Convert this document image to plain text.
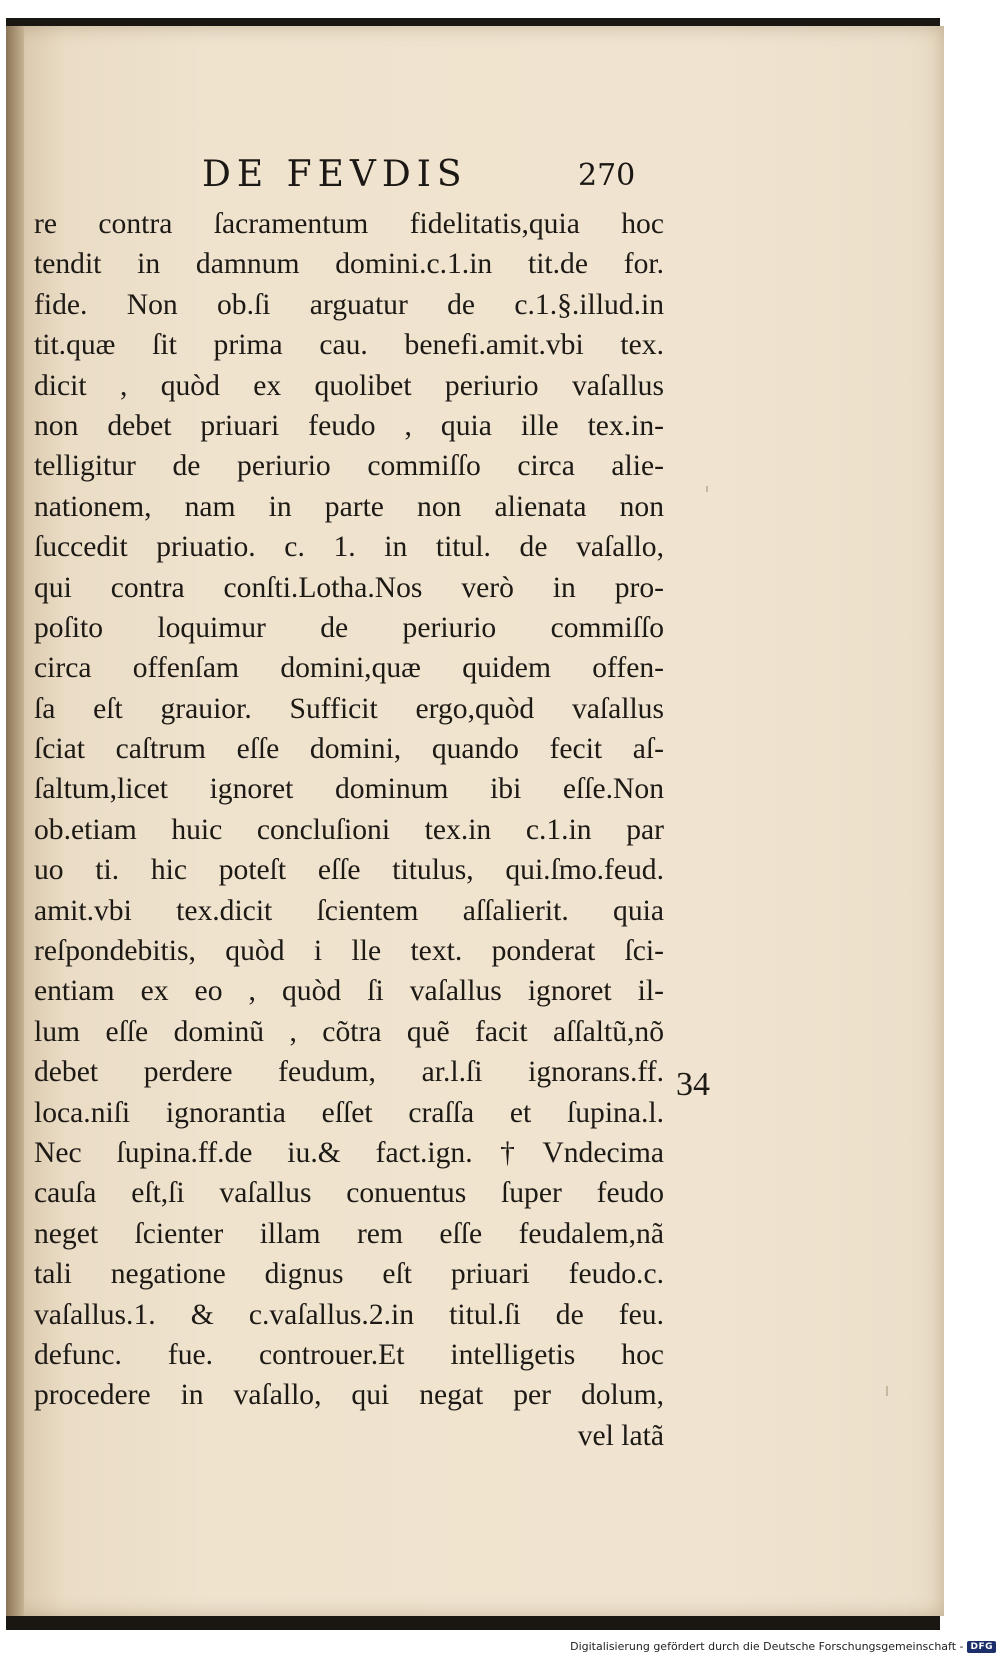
DE FEVDIS	270
re contra ſacramentum fidelitatis,quia hoc
tendit in damnum domini.c.1.in tit.de for.
fide. Non ob.ſi arguatur de c.1.§.illud.in
tit.quæ ſit prima cau. benefi.amit.vbi tex.
dicit , quòd ex quolibet periurio vaſallus
non debet priuari feudo , quia ille tex.in-
telligitur de periurio commiſſo circa alie-
nationem, nam in parte non alienata non
ſuccedit priuatio. c. 1. in titul. de vaſallo,
qui contra conſti.Lotha.Nos verò in pro-
poſito loquimur de periurio commiſſo
circa offenſam domini,quæ quidem offen-
ſa eſt grauior. Sufficit ergo,quòd vaſallus
ſciat caſtrum eſſe domini, quando fecit aſ-
ſaltum,licet ignoret dominum ibi eſſe.Non
ob.etiam huic concluſioni tex.in c.1.in par
uo ti. hic poteſt eſſe titulus, qui.ſmo.feud.
amit.vbi tex.dicit ſcientem aſſalierit. quia
reſpondebitis, quòd i lle text. ponderat ſci-
entiam ex eo , quòd ſi vaſallus ignoret il-
lum eſſe dominũ , cõtra quẽ facit aſſaltũ,nõ
debet perdere feudum, ar.l.ſi ignorans.ff.
loca.niſi ignorantia eſſet craſſa et ſupina.l.
Nec ſupina.ff.de iu.& fact.ign.†Vndecima
cauſa eſt,ſi vaſallus conuentus ſuper feudo
neget ſcienter illam rem eſſe feudalem,nã
tali negatione dignus eſt priuari feudo.c.
vaſallus.1. & c.vaſallus.2.in titul.ſi de feu.
defunc. fue. controuer.Et intelligetis hoc
procedere in vaſallo, qui negat per dolum,
vel latã
34
Digitalisierung gefördert durch die Deutsche Forschungsgemeinschaft - DFG
